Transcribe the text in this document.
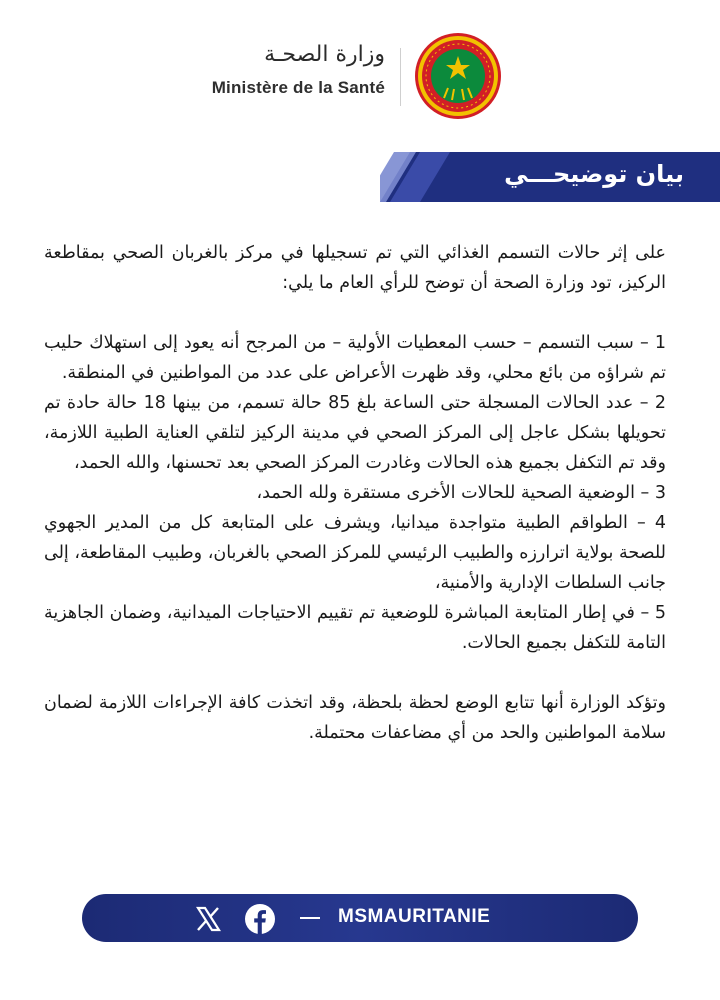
وزارة الصحـة
Ministère de la Santé
بيان توضيحـــي

على إثر حالات التسمم الغذائي التي تم تسجيلها في مركز بالغربان الصحي بمقاطعة الركيز، تود وزارة الصحة أن توضح للرأي العام ما يلي:

1 – سبب التسمم – حسب المعطيات الأولية – من المرجح أنه يعود إلى استهلاك حليب تم شراؤه من بائع محلي، وقد ظهرت الأعراض على عدد من المواطنين في المنطقة.

2 – عدد الحالات المسجلة حتى الساعة بلغ 85 حالة تسمم، من بينها 18 حالة حادة تم تحويلها بشكل عاجل إلى المركز الصحي في مدينة الركيز لتلقي العناية الطبية اللازمة، وقد تم التكفل بجميع هذه الحالات وغادرت المركز الصحي بعد تحسنها، والله الحمد،

3 – الوضعية الصحية للحالات الأخرى مستقرة ولله الحمد،

4 – الطواقم الطبية متواجدة ميدانيا، ويشرف على المتابعة كل من المدير الجهوي للصحة بولاية اترارزه والطبيب الرئيسي للمركز الصحي بالغربان، وطبيب المقاطعة، إلى جانب السلطات الإدارية والأمنية،

5 – في إطار المتابعة المباشرة للوضعية تم تقييم الاحتياجات الميدانية، وضمان الجاهزية التامة للتكفل بجميع الحالات.

وتؤكد الوزارة أنها تتابع الوضع لحظة بلحظة، وقد اتخذت كافة الإجراءات اللازمة لضمان سلامة المواطنين والحد من أي مضاعفات محتملة.

MSMAURITANIE
